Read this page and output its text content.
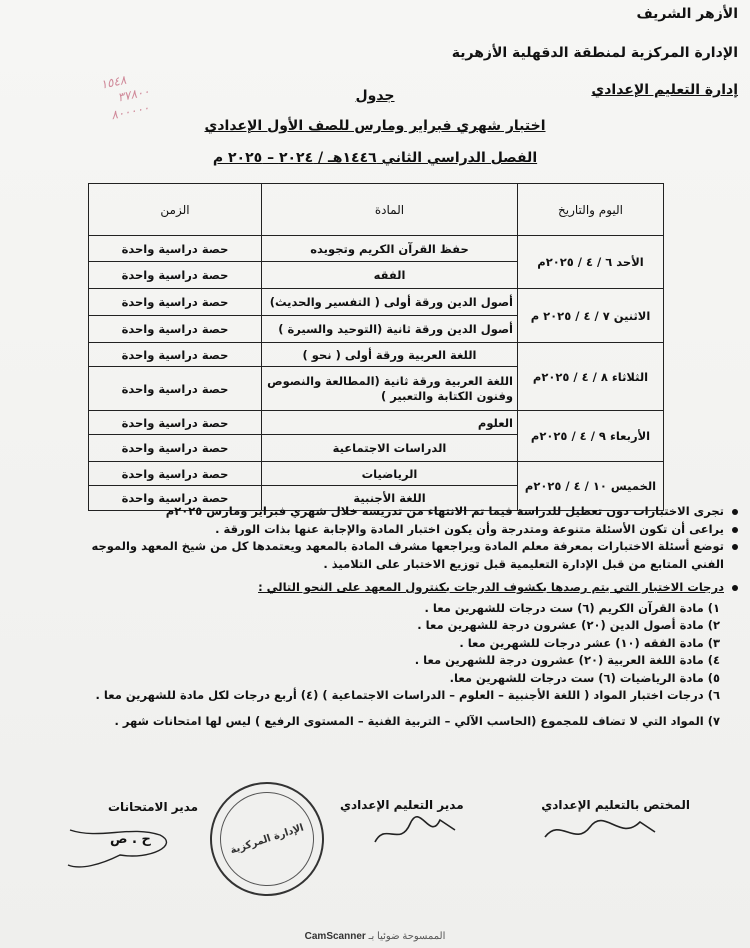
الأزهر الشريف
الإدارة المركزية لمنطقة الدقهلية الأزهرية
إدارة التعليم الإعدادي
١٥٤٨
٣٧٨٠٠
٨٠٠٠٠٠
جدول
اختبار شهري فبراير ومارس للصف الأول الإعدادي
الفصل الدراسي الثاني ١٤٤٦هـ / ٢٠٢٤ – ٢٠٢٥ م
اليوم والتاريخ	المادة	الزمن
الأحد ٦ / ٤ / ٢٠٢٥م	حفظ القرآن الكريم وتجويده	حصة دراسية واحدة
	الفقه	حصة دراسية واحدة
الاثنين ٧ / ٤ / ٢٠٢٥ م	أصول الدين ورقة أولى ( التفسير والحديث)	حصة دراسية واحدة
	أصول الدين ورقة ثانية (التوحيد والسيرة )	حصة دراسية واحدة
الثلاثاء ٨ / ٤ / ٢٠٢٥م	اللغة العربية ورقة أولى ( نحو )	حصة دراسية واحدة
	اللغة العربية ورقة ثانية (المطالعة والنصوص وفنون الكتابة والتعبير )	حصة دراسية واحدة
الأربعاء ٩ / ٤ / ٢٠٢٥م	العلوم	حصة دراسية واحدة
	الدراسات الاجتماعية	حصة دراسية واحدة
الخميس ١٠ / ٤ / ٢٠٢٥م	الرياضيات	حصة دراسية واحدة
	اللغة الأجنبية	حصة دراسية واحدة
تجرى الاختبارات دون تعطيل للدراسة فيما تم الانتهاء من تدريسه خلال شهري فبراير ومارس ٢٠٢٥م
يراعى أن تكون الأسئلة متنوعة ومتدرجة وأن يكون اختبار المادة والإجابة عنها بذات الورقة .
توضع أسئلة الاختبارات بمعرفة معلم المادة ويراجعها مشرف المادة بالمعهد ويعتمدها كل من شيخ المعهد والموجه الفني المتابع من قبل الإدارة التعليمية قبل توزيع الاختبار على التلاميذ .
درجات الاختبار التي يتم رصدها بكشوف الدرجات بكنترول المعهد على النحو التالي :
١) مادة القرآن الكريم (٦) ست درجات للشهرين معا .
٢) مادة أصول الدين (٢٠) عشرون درجة للشهرين معا .
٣) مادة الفقه (١٠) عشر درجات للشهرين معا .
٤) مادة اللغة العربية (٢٠) عشرون درجة للشهرين معا .
٥) مادة الرياضيات (٦) ست درجات للشهرين معا.
٦) درجات اختبار المواد ( اللغة الأجنبية – العلوم – الدراسات الاجتماعية ) (٤) أربع درجات لكل مادة للشهرين معا .
٧) المواد التي لا تضاف للمجموع (الحاسب الآلي – التربية الفنية – المستوى الرفيع ) ليس لها امتحانات شهر .
المختص بالتعليم الإعدادي
مدير التعليم الإعدادي
مدير الامتحانات
ح . ص	الإدارة المركزية
الممسوحة ضوئيا بـ CamScanner
